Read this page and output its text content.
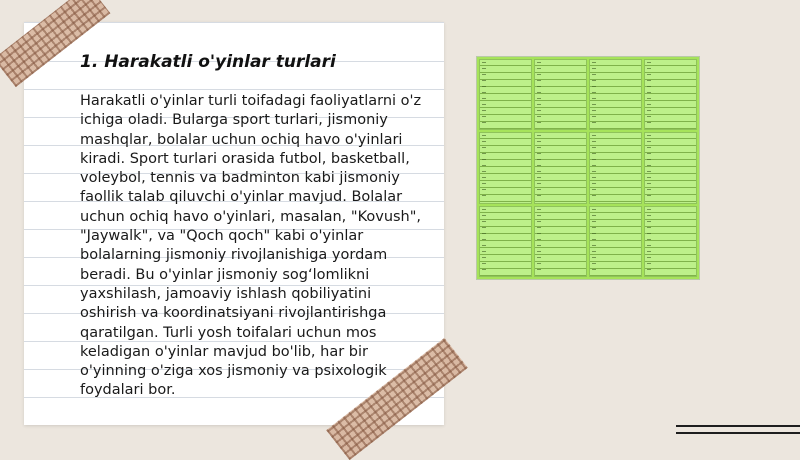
1. Harakatli o'yinlar turlari

Harakatli o'yinlar turli toifadagi faoliyatlarni o'z ichiga oladi. Bulargа sport turlari, jismoniy mashqlar, bolalar uchun ochiq havo o'yinlari kiradi. Sport turlari orasida futbol, basketball, voleybol, tennis va badminton kabi jismoniy faollik talab qiluvchi o'yinlar mavjud. Bolalar uchun ochiq havo o'yinlari, masalan, "Kovush", "Jaywalk", va "Qoch qoch" kabi o'yinlar bolalarning jismoniy rivojlanishiga yordam beradi. Bu o'yinlar jismoniy sog‘lomlikni yaxshilash, jamoaviy ishlash qobiliyatini oshirish va koordinatsiyani rivojlantirishga qaratilgan. Turli yosh toifalari uchun mos keladigan o'yinlar mavjud bo'lib, har bir o'yinning o'ziga xos jismoniy va psixologik foydalari bor.
